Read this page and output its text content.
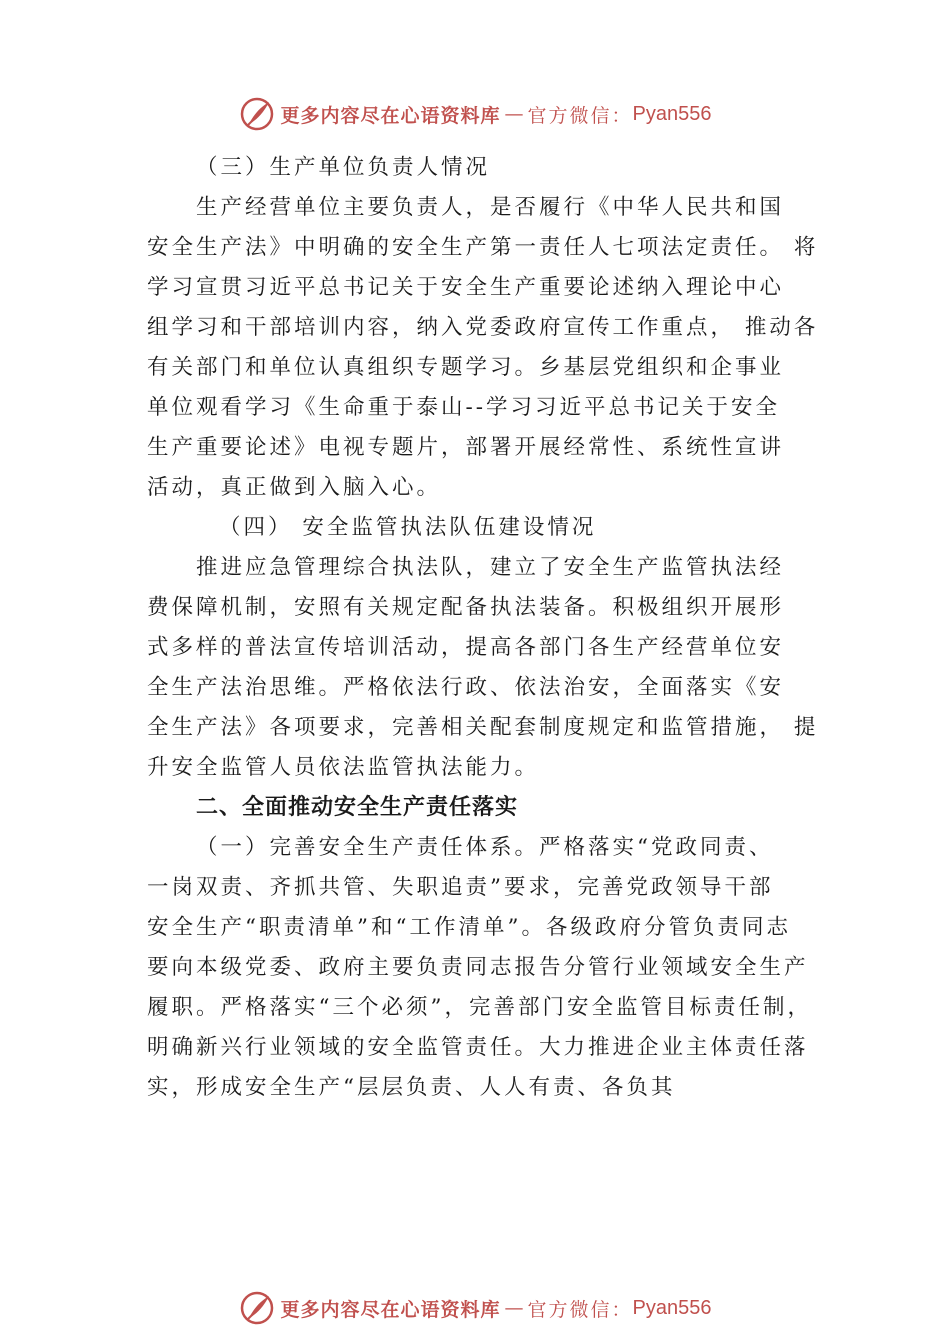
更多内容尽在心语资料库 — 官方微信： Pyan556
（三）生产单位负责人情况
生产经营单位主要负责人，是否履行《中华人民共和国
安全生产法》中明确的安全生产第一责任人七项法定责任。 将
学习宣贯习近平总书记关于安全生产重要论述纳入理论中心
组学习和干部培训内容，纳入党委政府宣传工作重点， 推动各
有关部门和单位认真组织专题学习。乡基层党组织和企事业
单位观看学习《生命重于泰山--学习习近平总书记关于安全
生产重要论述》电视专题片，部署开展经常性、系统性宣讲
活动，真正做到入脑入心。
（四） 安全监管执法队伍建设情况
推进应急管理综合执法队，建立了安全生产监管执法经
费保障机制，安照有关规定配备执法装备。积极组织开展形
式多样的普法宣传培训活动，提高各部门各生产经营单位安
全生产法治思维。严格依法行政、依法治安，全面落实《安
全生产法》各项要求，完善相关配套制度规定和监管措施， 提
升安全监管人员依法监管执法能力。
二、全面推动安全生产责任落实
（一）完善安全生产责任体系。严格落实“党政同责、
一岗双责、齐抓共管、失职追责”要求，完善党政领导干部
安全生产“职责清单”和“工作清单”。各级政府分管负责同志
要向本级党委、政府主要负责同志报告分管行业领域安全生产
履职。严格落实“三个必须”，完善部门安全监管目标责任制，
明确新兴行业领域的安全监管责任。大力推进企业主体责任落
实，形成安全生产“层层负责、人人有责、各负其
更多内容尽在心语资料库 — 官方微信： Pyan556
